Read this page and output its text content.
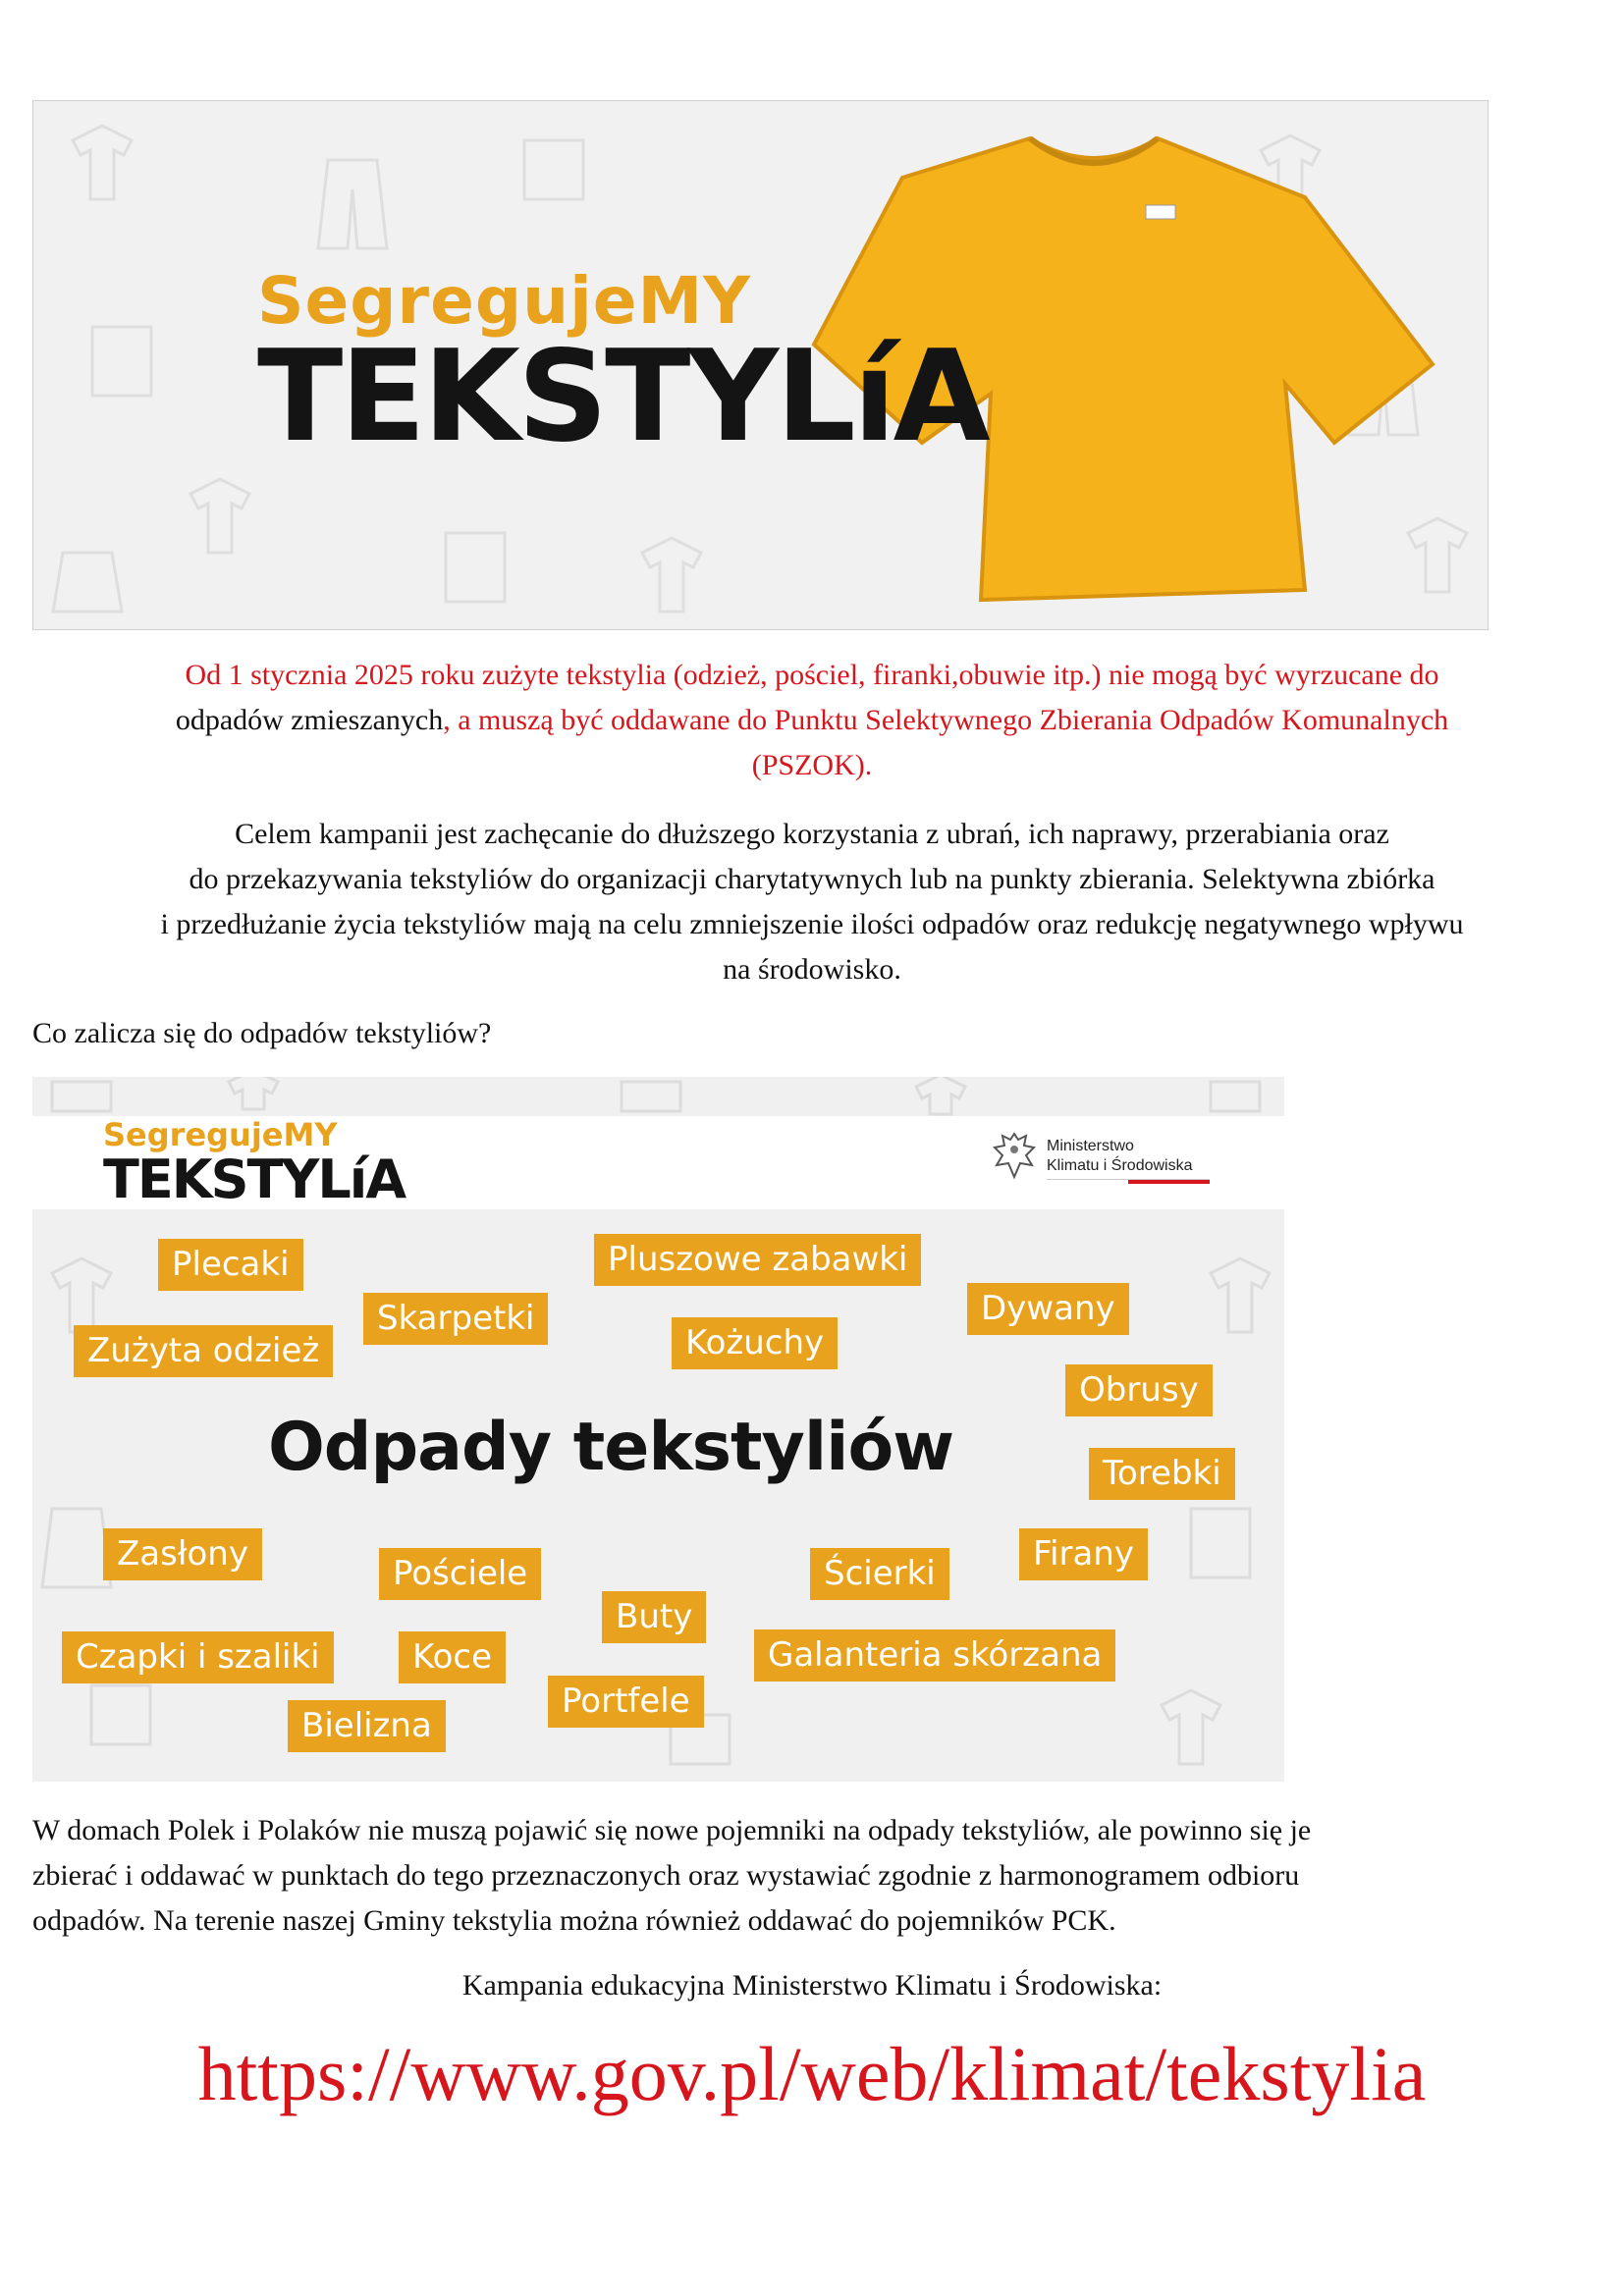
SegregujeMY

TEKSTYLíA

Od 1 stycznia 2025 roku zużyte tekstylia (odzież, pościel, firanki,obuwie itp.) nie mogą być wyrzucane do
odpadów zmieszanych, a muszą być oddawane do Punktu Selektywnego Zbierania Odpadów Komunalnych
(PSZOK).

Celem kampanii jest zachęcanie do dłuższego korzystania z ubrań, ich naprawy, przerabiania oraz
do przekazywania tekstyliów do organizacji charytatywnych lub na punkty zbierania. Selektywna zbiórka
i przedłużanie życia tekstyliów mają na celu zmniejszenie ilości odpadów oraz redukcję negatywnego wpływu
na środowisko.

Co zalicza się do odpadów tekstyliów?

SegregujeMY

TEKSTYLíA

Ministerstwo
Klimatu i Środowiska

Odpady tekstyliów

Plecaki	Pluszowe zabawki
Dywany
Skarpetki
Zużyta odzież	Kożuchy
Obrusy
Torebki
Zasłony	Firany
Pościele	Ścierki
Buty
Czapki i szaliki	Koce	Galanteria skórzana
Portfele
Bielizna

W domach Polek i Polaków nie muszą pojawić się nowe pojemniki na odpady tekstyliów, ale powinno się je
zbierać i oddawać w punktach do tego przeznaczonych oraz wystawiać zgodnie z harmonogramem odbioru
odpadów. Na terenie naszej Gminy tekstylia można również oddawać do pojemników PCK.

Kampania edukacyjna Ministerstwo Klimatu i Środowiska:

https://www.gov.pl/web/klimat/tekstylia
